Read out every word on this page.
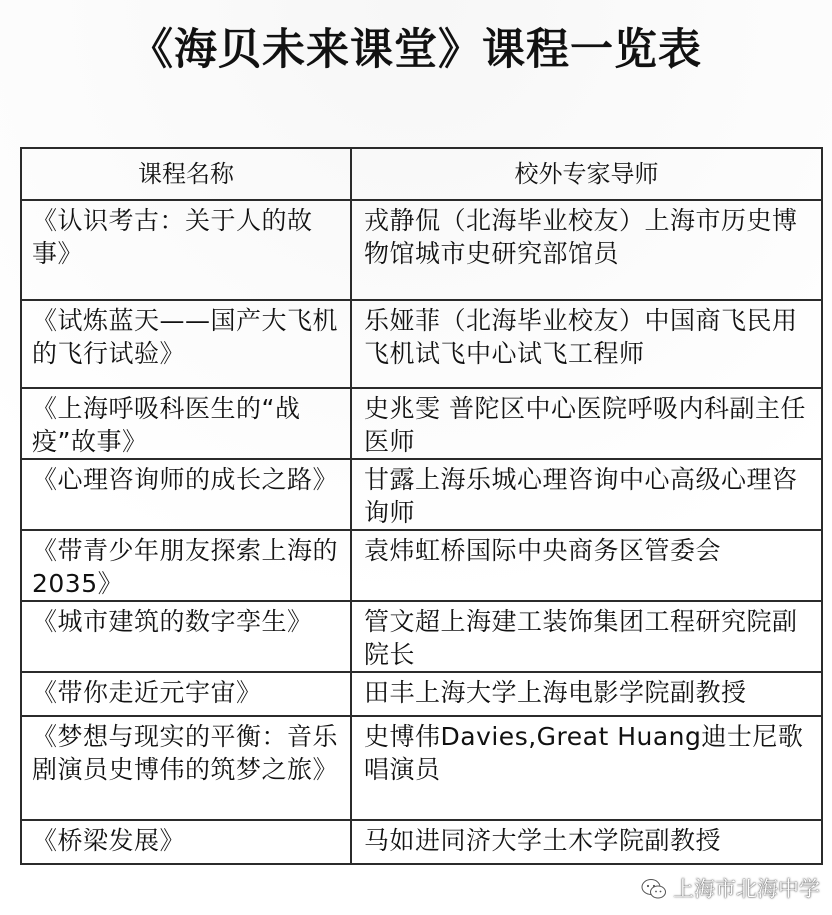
《海贝未来课堂》课程一览表
课程名称	校外专家导师

《认识考古：关于人的故事》	戎静侃（北海毕业校友）上海市历史博物馆城市史研究部馆员

《试炼蓝天——国产大飞机的飞行试验》	乐娅菲（北海毕业校友）中国商飞民用飞机试飞中心试飞工程师

《上海呼吸科医生的“战疫”故事》	史兆雯 普陀区中心医院呼吸内科副主任医师

《心理咨询师的成长之路》	甘露上海乐城心理咨询中心高级心理咨询师

《带青少年朋友探索上海的2035》	袁炜虹桥国际中央商务区管委会

《城市建筑的数字孪生》	管文超上海建工装饰集团工程研究院副院长

《带你走近元宇宙》	田丰上海大学上海电影学院副教授

《梦想与现实的平衡：音乐剧演员史博伟的筑梦之旅》	史博伟Davies,Great Huang迪士尼歌唱演员

《桥梁发展》	马如进同济大学土木学院副教授
上海市北海中学
